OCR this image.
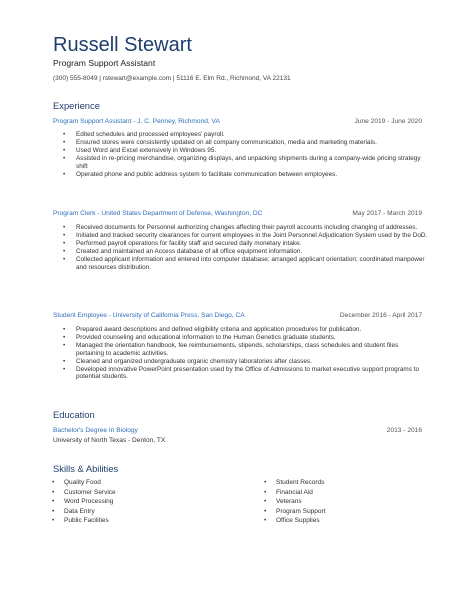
Russell Stewart
Program Support Assistant
(300) 555-8049 | rstewart@example.com | 51116 E. Elm Rd., Richmond, VA 22131
Experience
Program Support Assistant - J. C. Penney, Richmond, VA	June 2019 - June 2020
• Edited schedules and processed employees' payroll.
• Ensured stores were consistently updated on all company communication, media and marketing materials.
• Used Word and Excel extensively in Windows 95.
• Assisted in re-pricing merchandise, organizing displays, and unpacking shipments during a company-wide pricing strategy shift
• Operated phone and public address system to facilitate communication between employees.
Program Clerk - United States Department of Defense, Washington, DC	May 2017 - March 2019
• Received documents for Personnel authorizing changes affecting their payroll accounts including changing of addresses.
• Initiated and tracked security clearances for current employees in the Joint Personnel Adjudication System used by the DoD.
• Performed payroll operations for facility staff and secured daily monetary intake.
• Created and maintained an Access database of all office equipment information.
• Collected applicant information and entered into computer database; arranged applicant orientation; coordinated manpower and resources distribution.
Student Employee - University of California Press, San Diego, CA	December 2016 - April 2017
• Prepared award descriptions and defined eligibility criteria and application procedures for publication.
• Provided counseling and educational information to the Human Genetics graduate students.
• Managed the orientation handbook, fee reimbursements, stipends, scholarships, class schedules and student files pertaining to academic activities.
• Cleaned and organized undergraduate organic chemistry laboratories after classes.
• Developed innovative PowerPoint presentation used by the Office of Admissions to market executive support programs to potential students.
Education
Bachelor's Degree In Biology	2013 - 2016
University of North Texas - Denton, TX
Skills & Abilities
• Quality Food
• Customer Service
• Word Processing
• Data Entry
• Public Facilities
• Student Records
• Financial Aid
• Veterans
• Program Support
• Office Supplies
